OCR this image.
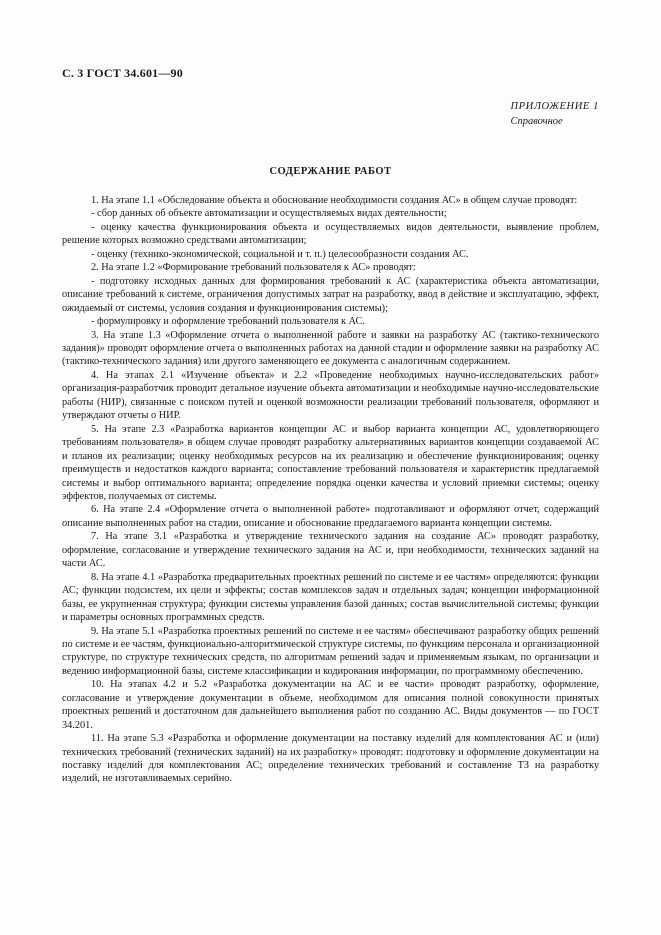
С. 3 ГОСТ 34.601—90
ПРИЛОЖЕНИЕ 1
Справочное
СОДЕРЖАНИЕ РАБОТ

1. На этапе 1.1 «Обследование объекта и обоснование необходимости создания АС» в общем случае проводят:

- сбор данных об объекте автоматизации и осуществляемых видах деятельности;

- оценку качества функционирования объекта и осуществляемых видов деятельности, выявление проблем, решение которых возможно средствами автоматизации;

- оценку (технико-экономической, социальной и т. п.) целесообразности создания АС.

2. На этапе 1.2 «Формирование требований пользователя к АС» проводят:

- подготовку исходных данных для формирования требований к АС (характеристика объекта автоматизации, описание требований к системе, ограничения допустимых затрат на разработку, ввод в действие и эксплуатацию, эффект, ожидаемый от системы, условия создания и функционирования системы);

- формулировку и оформление требований пользователя к АС.

3. На этапе 1.3 «Оформление отчета о выполненной работе и заявки на разработку АС (тактико-технического задания)» проводят оформление отчета о выполненных работах на данной стадии и оформление заявки на разработку АС (тактико-технического задания) или другого заменяющего ее документа с аналогичным содержанием.

4. На этапах 2.1 «Изучение объекта» и 2.2 «Проведение необходимых научно-исследовательских работ» организация-разработчик проводит детальное изучение объекта автоматизации и необходимые научно-исследовательские работы (НИР), связанные с поиском путей и оценкой возможности реализации требований пользователя, оформляют и утверждают отчеты о НИР.

5. На этапе 2.3 «Разработка вариантов концепции АС и выбор варианта концепции АС, удовлетворяющего требованиям пользователя» в общем случае проводят разработку альтернативных вариантов концепции создаваемой АС и планов их реализации; оценку необходимых ресурсов на их реализацию и обеспечение функционирования; оценку преимуществ и недостатков каждого варианта; сопоставление требований пользователя и характеристик предлагаемой системы и выбор оптимального варианта; определение порядка оценки качества и условий приемки системы; оценку эффектов, получаемых от системы.

6. На этапе 2.4 «Оформление отчета о выполненной работе» подготавливают и оформляют отчет, содержащий описание выполненных работ на стадии, описание и обоснование предлагаемого варианта концепции системы.

7. На этапе 3.1 «Разработка и утверждение технического задания на создание АС» проводят разработку, оформление, согласование и утверждение технического задания на АС и, при необходимости, технических заданий на части АС.

8. На этапе 4.1 «Разработка предварительных проектных решений по системе и ее частям» определяются: функции АС; функции подсистем, их цели и эффекты; состав комплексов задач и отдельных задач; концепции информационной базы, ее укрупненная структура; функции системы управления базой данных; состав вычислительной системы; функции и параметры основных программных средств.

9. На этапе 5.1 «Разработка проектных решений по системе и ее частям» обеспечивают разработку общих решений по системе и ее частям, функционально-алгоритмической структуре системы, по функциям персонала и организационной структуре, по структуре технических средств, по алгоритмам решений задач и применяемым языкам, по организации и ведению информационной базы, системе классификации и кодирования информации, по программному обеспечению.

10. На этапах 4.2 и 5.2 «Разработка документации на АС и ее части» проводят разработку, оформление, согласование и утверждение документации в объеме, необходимом для описания полной совокупности принятых проектных решений и достаточном для дальнейшего выполнения работ по созданию АС. Виды документов — по ГОСТ 34.201.

11. На этапе 5.3 «Разработка и оформление документации на поставку изделий для комплектования АС и (или) технических требований (технических заданий) на их разработку» проводят: подготовку и оформление документации на поставку изделий для комплектования АС; определение технических требований и составление ТЗ на разработку изделий, не изготавливаемых серийно.
